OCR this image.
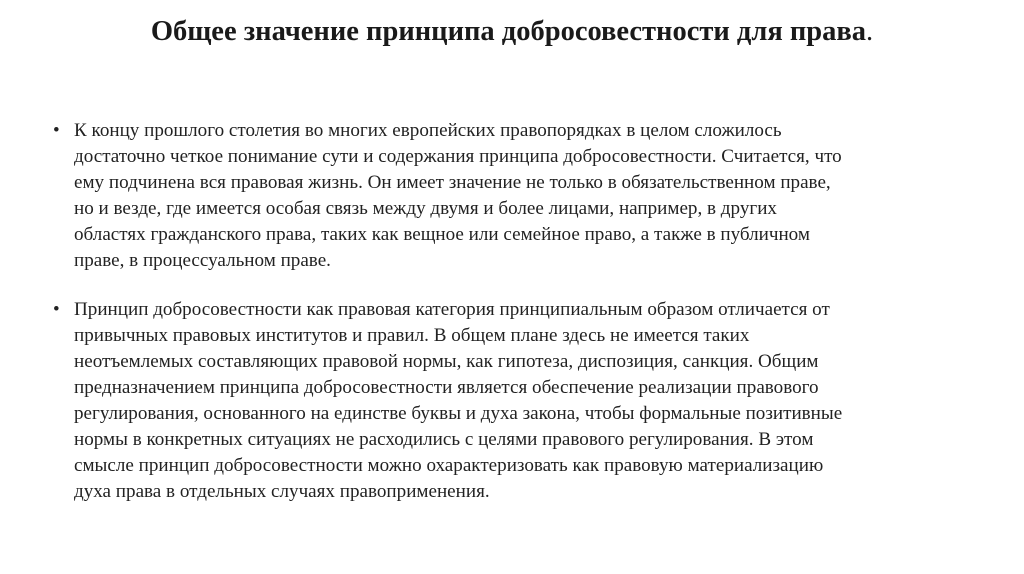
Общее значение принципа добросовестности для права.
• К концу прошлого столетия во многих европейских правопорядках в целом сложилось
достаточно четкое понимание сути и содержания принципа добросовестности. Считается, что
ему подчинена вся правовая жизнь. Он имеет значение не только в обязательственном праве,
но и везде, где имеется особая связь между двумя и более лицами, например, в других
областях гражданского права, таких как вещное или семейное право, а также в публичном
праве, в процессуальном праве.
• Принцип добросовестности как правовая категория принципиальным образом отличается от
привычных правовых институтов и правил. В общем плане здесь не имеется таких
неотъемлемых составляющих правовой нормы, как гипотеза, диспозиция, санкция. Общим
предназначением принципа добросовестности является обеспечение реализации правового
регулирования, основанного на единстве буквы и духа закона, чтобы формальные позитивные
нормы в конкретных ситуациях не расходились с целями правового регулирования. В этом
смысле принцип добросовестности можно охарактеризовать как правовую материализацию
духа права в отдельных случаях правоприменения.
